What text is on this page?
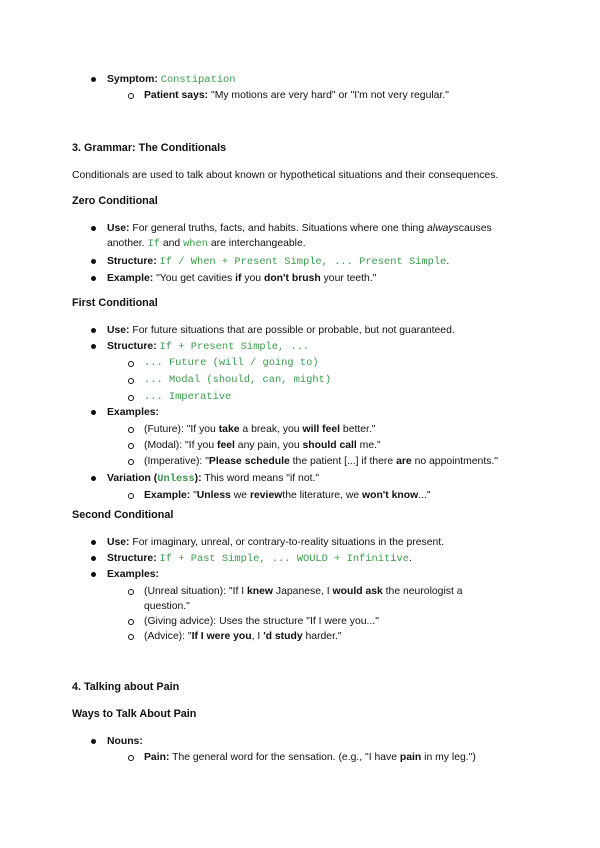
Symptom: Constipation
Patient says: "My motions are very hard" or "I'm not very regular."
3. Grammar: The Conditionals
Conditionals are used to talk about known or hypothetical situations and their consequences.
Zero Conditional
Use: For general truths, facts, and habits. Situations where one thing alwayscauses
another. If and when are interchangeable.
Structure: If / When + Present Simple, ... Present Simple.
Example: "You get cavities if you don't brush your teeth."
First Conditional
Use: For future situations that are possible or probable, but not guaranteed.
Structure: If + Present Simple, ...
... Future (will / going to)
... Modal (should, can, might)
... Imperative
Examples:
(Future): "If you take a break, you will feel better."
(Modal): "If you feel any pain, you should call me."
(Imperative): "Please schedule the patient [...] if there are no appointments."
Variation (Unless): This word means "if not."
Example: "Unless we reviewthe literature, we won't know..."
Second Conditional
Use: For imaginary, unreal, or contrary-to-reality situations in the present.
Structure: If + Past Simple, ... WOULD + Infinitive.
Examples:
(Unreal situation): "If I knew Japanese, I would ask the neurologist a
question."
(Giving advice): Uses the structure "If I were you..."
(Advice): "If I were you, I 'd study harder."
4. Talking about Pain
Ways to Talk About Pain
Nouns:
Pain: The general word for the sensation. (e.g., "I have pain in my leg.")
